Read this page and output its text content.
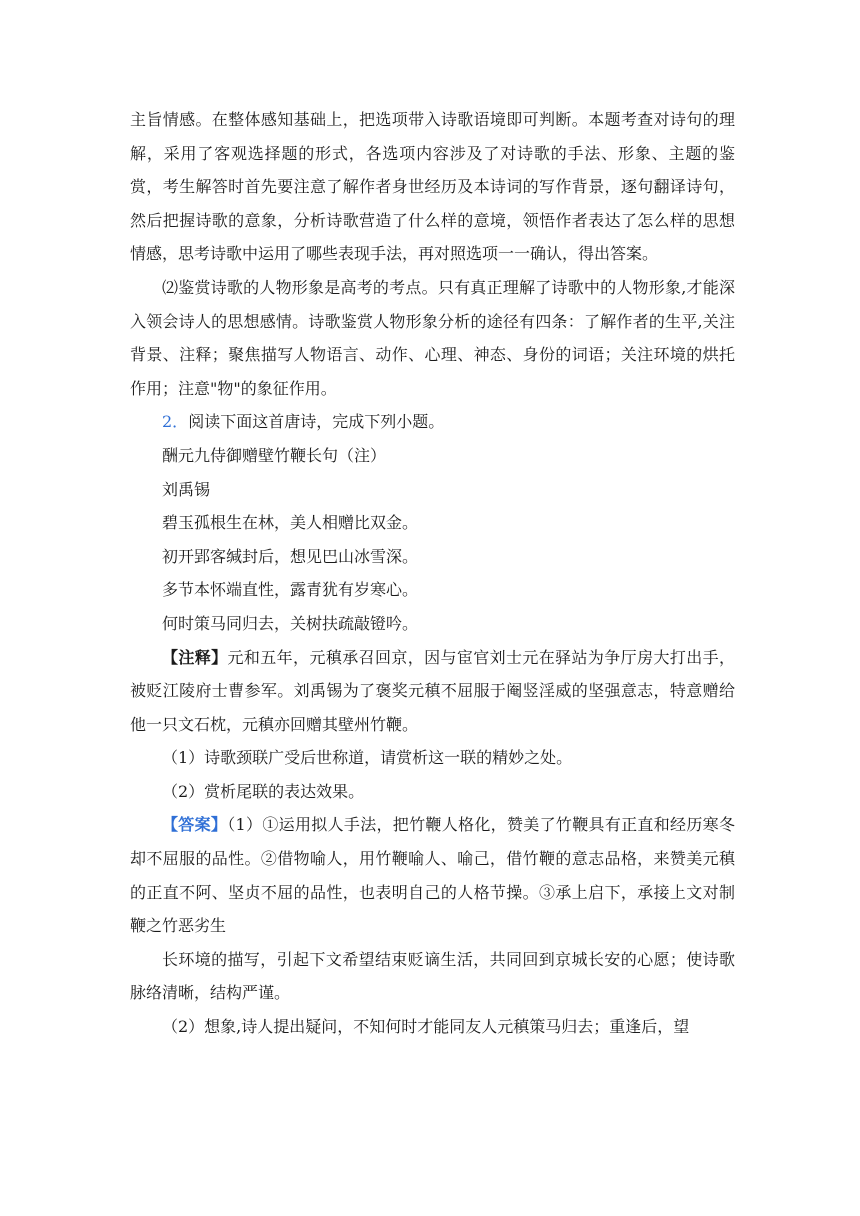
主旨情感。在整体感知基础上，把选项带入诗歌语境即可判断。本题考查对诗句的理解，采用了客观选择题的形式，各选项内容涉及了对诗歌的手法、形象、主题的鉴赏，考生解答时首先要注意了解作者身世经历及本诗词的写作背景，逐句翻译诗句，然后把握诗歌的意象，分析诗歌营造了什么样的意境，领悟作者表达了怎么样的思想情感，思考诗歌中运用了哪些表现手法，再对照选项一一确认，得出答案。

⑵鉴赏诗歌的人物形象是高考的考点。只有真正理解了诗歌中的人物形象,才能深入领会诗人的思想感情。诗歌鉴赏人物形象分析的途径有四条：了解作者的生平,关注背景、注释；聚焦描写人物语言、动作、心理、神态、身份的词语；关注环境的烘托作用；注意"物"的象征作用。

2．阅读下面这首唐诗，完成下列小题。

酬元九侍御赠壁竹鞭长句（注）

刘禹锡

碧玉孤根生在林，美人相赠比双金。

初开郢客缄封后，想见巴山冰雪深。

多节本怀端直性，露青犹有岁寒心。

何时策马同归去，关树扶疏敲镫吟。

【注释】元和五年，元稹承召回京，因与宦官刘士元在驿站为争厅房大打出手，被贬江陵府士曹参军。刘禹锡为了褒奖元稹不屈服于阉竖淫威的坚强意志，特意赠给他一只文石枕，元稹亦回赠其壁州竹鞭。

（1）诗歌颈联广受后世称道，请赏析这一联的精妙之处。

（2）赏析尾联的表达效果。

【答案】（1）①运用拟人手法，把竹鞭人格化，赞美了竹鞭具有正直和经历寒冬却不屈服的品性。②借物喻人，用竹鞭喻人、喻己，借竹鞭的意志品格，来赞美元稹的正直不阿、坚贞不屈的品性，也表明自己的人格节操。③承上启下，承接上文对制鞭之竹恶劣生

长环境的描写，引起下文希望结束贬谪生活，共同回到京城长安的心愿；使诗歌脉络清晰，结构严谨。

（2）想象,诗人提出疑问，不知何时才能同友人元稹策马归去；重逢后，望
